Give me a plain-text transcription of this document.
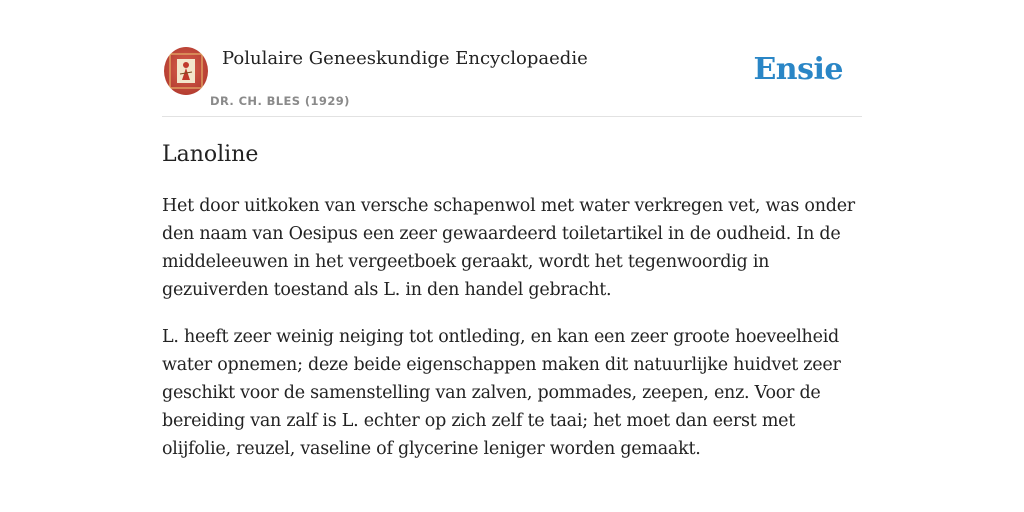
Polulaire Geneeskundige Encyclopaedie
DR. CH. BLES (1929)
Ensie
Lanoline

Het door uitkoken van versche schapenwol met water verkregen vet, was onder den naam van Oesipus een zeer gewaardeerd toiletartikel in de oudheid. In de middeleeuwen in het vergeetboek geraakt, wordt het tegenwoordig in gezuiverden toestand als L. in den handel gebracht.

L. heeft zeer weinig neiging tot ontleding, en kan een zeer groote hoeveelheid water opnemen; deze beide eigenschappen maken dit natuurlijke huidvet zeer geschikt voor de samenstelling van zalven, pommades, zeepen, enz. Voor de bereiding van zalf is L. echter op zich zelf te taai; het moet dan eerst met olijfolie, reuzel, vaseline of glycerine leniger worden gemaakt.
